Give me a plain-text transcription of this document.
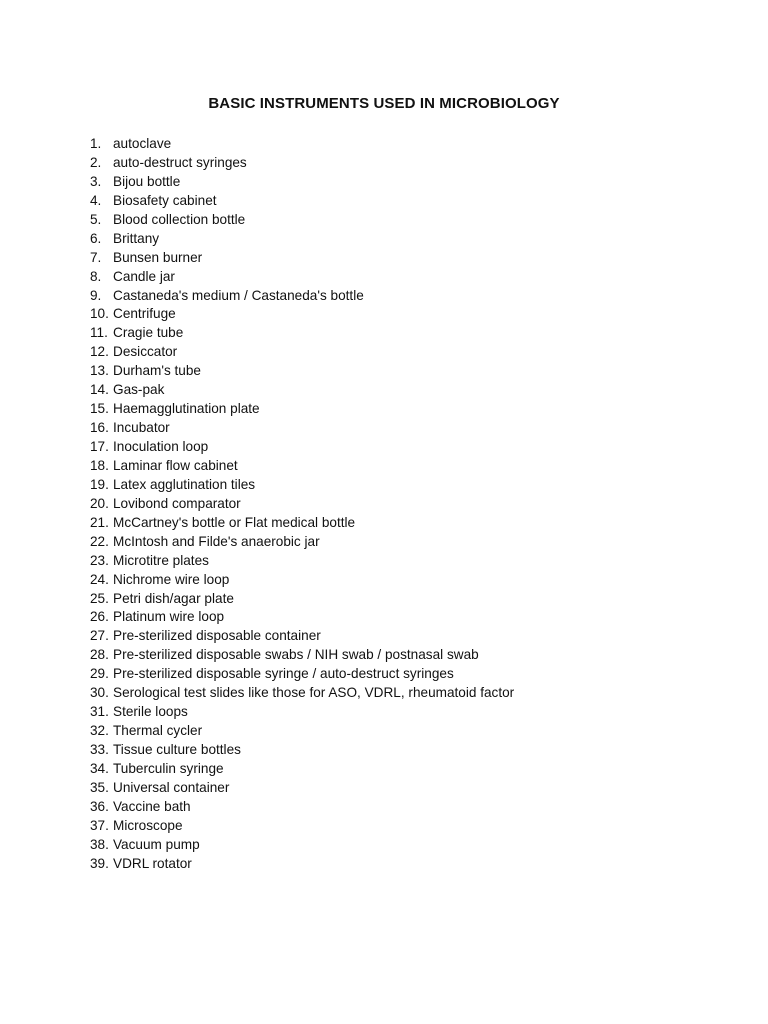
BASIC INSTRUMENTS USED IN MICROBIOLOGY
1. autoclave
2. auto-destruct syringes
3. Bijou bottle
4. Biosafety cabinet
5. Blood collection bottle
6. Brittany
7. Bunsen burner
8. Candle jar
9. Castaneda's medium / Castaneda's bottle
10. Centrifuge
11. Cragie tube
12. Desiccator
13. Durham's tube
14. Gas-pak
15. Haemagglutination plate
16. Incubator
17. Inoculation loop
18. Laminar flow cabinet
19. Latex agglutination tiles
20. Lovibond comparator
21. McCartney's bottle or Flat medical bottle
22. McIntosh and Filde's anaerobic jar
23. Microtitre plates
24. Nichrome wire loop
25. Petri dish/agar plate
26. Platinum wire loop
27. Pre-sterilized disposable container
28. Pre-sterilized disposable swabs / NIH swab / postnasal swab
29. Pre-sterilized disposable syringe / auto-destruct syringes
30. Serological test slides like those for ASO, VDRL, rheumatoid factor
31. Sterile loops
32. Thermal cycler
33. Tissue culture bottles
34. Tuberculin syringe
35. Universal container
36. Vaccine bath
37. Microscope
38. Vacuum pump
39. VDRL rotator
